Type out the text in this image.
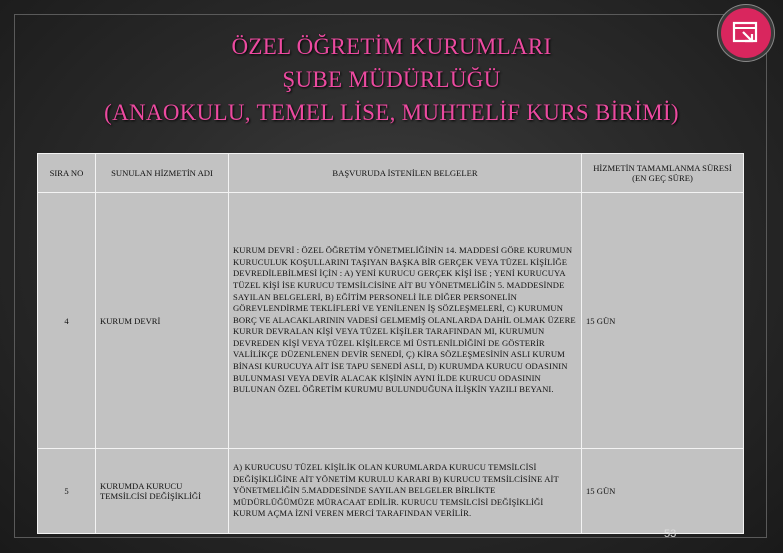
ÖZEL ÖĞRETİM KURUMLARI
ŞUBE MÜDÜRLÜĞÜ
(ANAOKULU, TEMEL LİSE, MUHTELİF KURS BİRİMİ)
SIRA NO	SUNULAN HİZMETİN ADI	BAŞVURUDA İSTENİLEN BELGELER	HİZMETİN TAMAMLANMA SÜRESİ (EN GEÇ SÜRE)
4	KURUM DEVRİ	KURUM DEVRİ : ÖZEL ÖĞRETİM YÖNETMELİĞİNİN 14. MADDESİ GÖRE KURUMUN KURUCULUK KOŞULLARINI TAŞIYAN BAŞKA BİR GERÇEK VEYA TÜZEL KİŞİLİĞE DEVREDİLEBİLMESİ İÇİN : A) YENİ KURUCU GERÇEK KİŞİ İSE ; YENİ KURUCUYA TÜZEL KİŞİ İSE KURUCU TEMSİLCİSİNE AİT BU YÖNETMELİĞİN 5. MADDESİNDE SAYILAN BELGELERİ, B) EĞİTİM PERSONELİ İLE DİĞER PERSONELİN GÖREVLENDİRME TEKLİFLERİ VE YENİLENEN İŞ SÖZLEŞMELERİ, C) KURUMUN BORÇ VE ALACAKLARININ VADESİ GELMEMİŞ OLANLARDA DAHİL OLMAK ÜZERE KURUR DEVRALAN KİŞİ VEYA TÜZEL KİŞİLER TARAFINDAN MI, KURUMUN DEVREDEN KİŞİ VEYA TÜZEL KİŞİLERCE Mİ ÜSTLENİLDİĞİNİ DE GÖSTERİR VALİLİKÇE DÜZENLENEN DEVİR SENEDİ, Ç) KİRA SÖZLEŞMESİNİN ASLI KURUM BİNASI KURUCUYA AİT İSE TAPU SENEDİ ASLI, D) KURUMDA KURUCU ODASININ BULUNMASI VEYA DEVİR ALACAK KİŞİNİN AYNI İLDE KURUCU ODASININ BULUNAN ÖZEL ÖĞRETİM KURUMU BULUNDUĞUNA İLİŞKİN YAZILI BEYANI.	15 GÜN
5	KURUMDA KURUCU TEMSİLCİSİ DEĞİŞİKLİĞİ	A) KURUCUSU TÜZEL KİŞİLİK OLAN KURUMLARDA KURUCU TEMSİLCİSİ DEĞİŞİKLİĞİNE AİT YÖNETİM KURULU KARARI B) KURUCU TEMSİLCİSİNE AİT YÖNETMELİĞİN 5.MADDESİNDE SAYILAN BELGELER BİRLİKTE MÜDÜRLÜĞÜMÜZE MÜRACAAT EDİLİR. KURUCU TEMSİLCİSİ DEĞİŞİKLİĞİ KURUM AÇMA İZNİ VEREN MERCİ TARAFINDAN VERİLİR.	15 GÜN
53
